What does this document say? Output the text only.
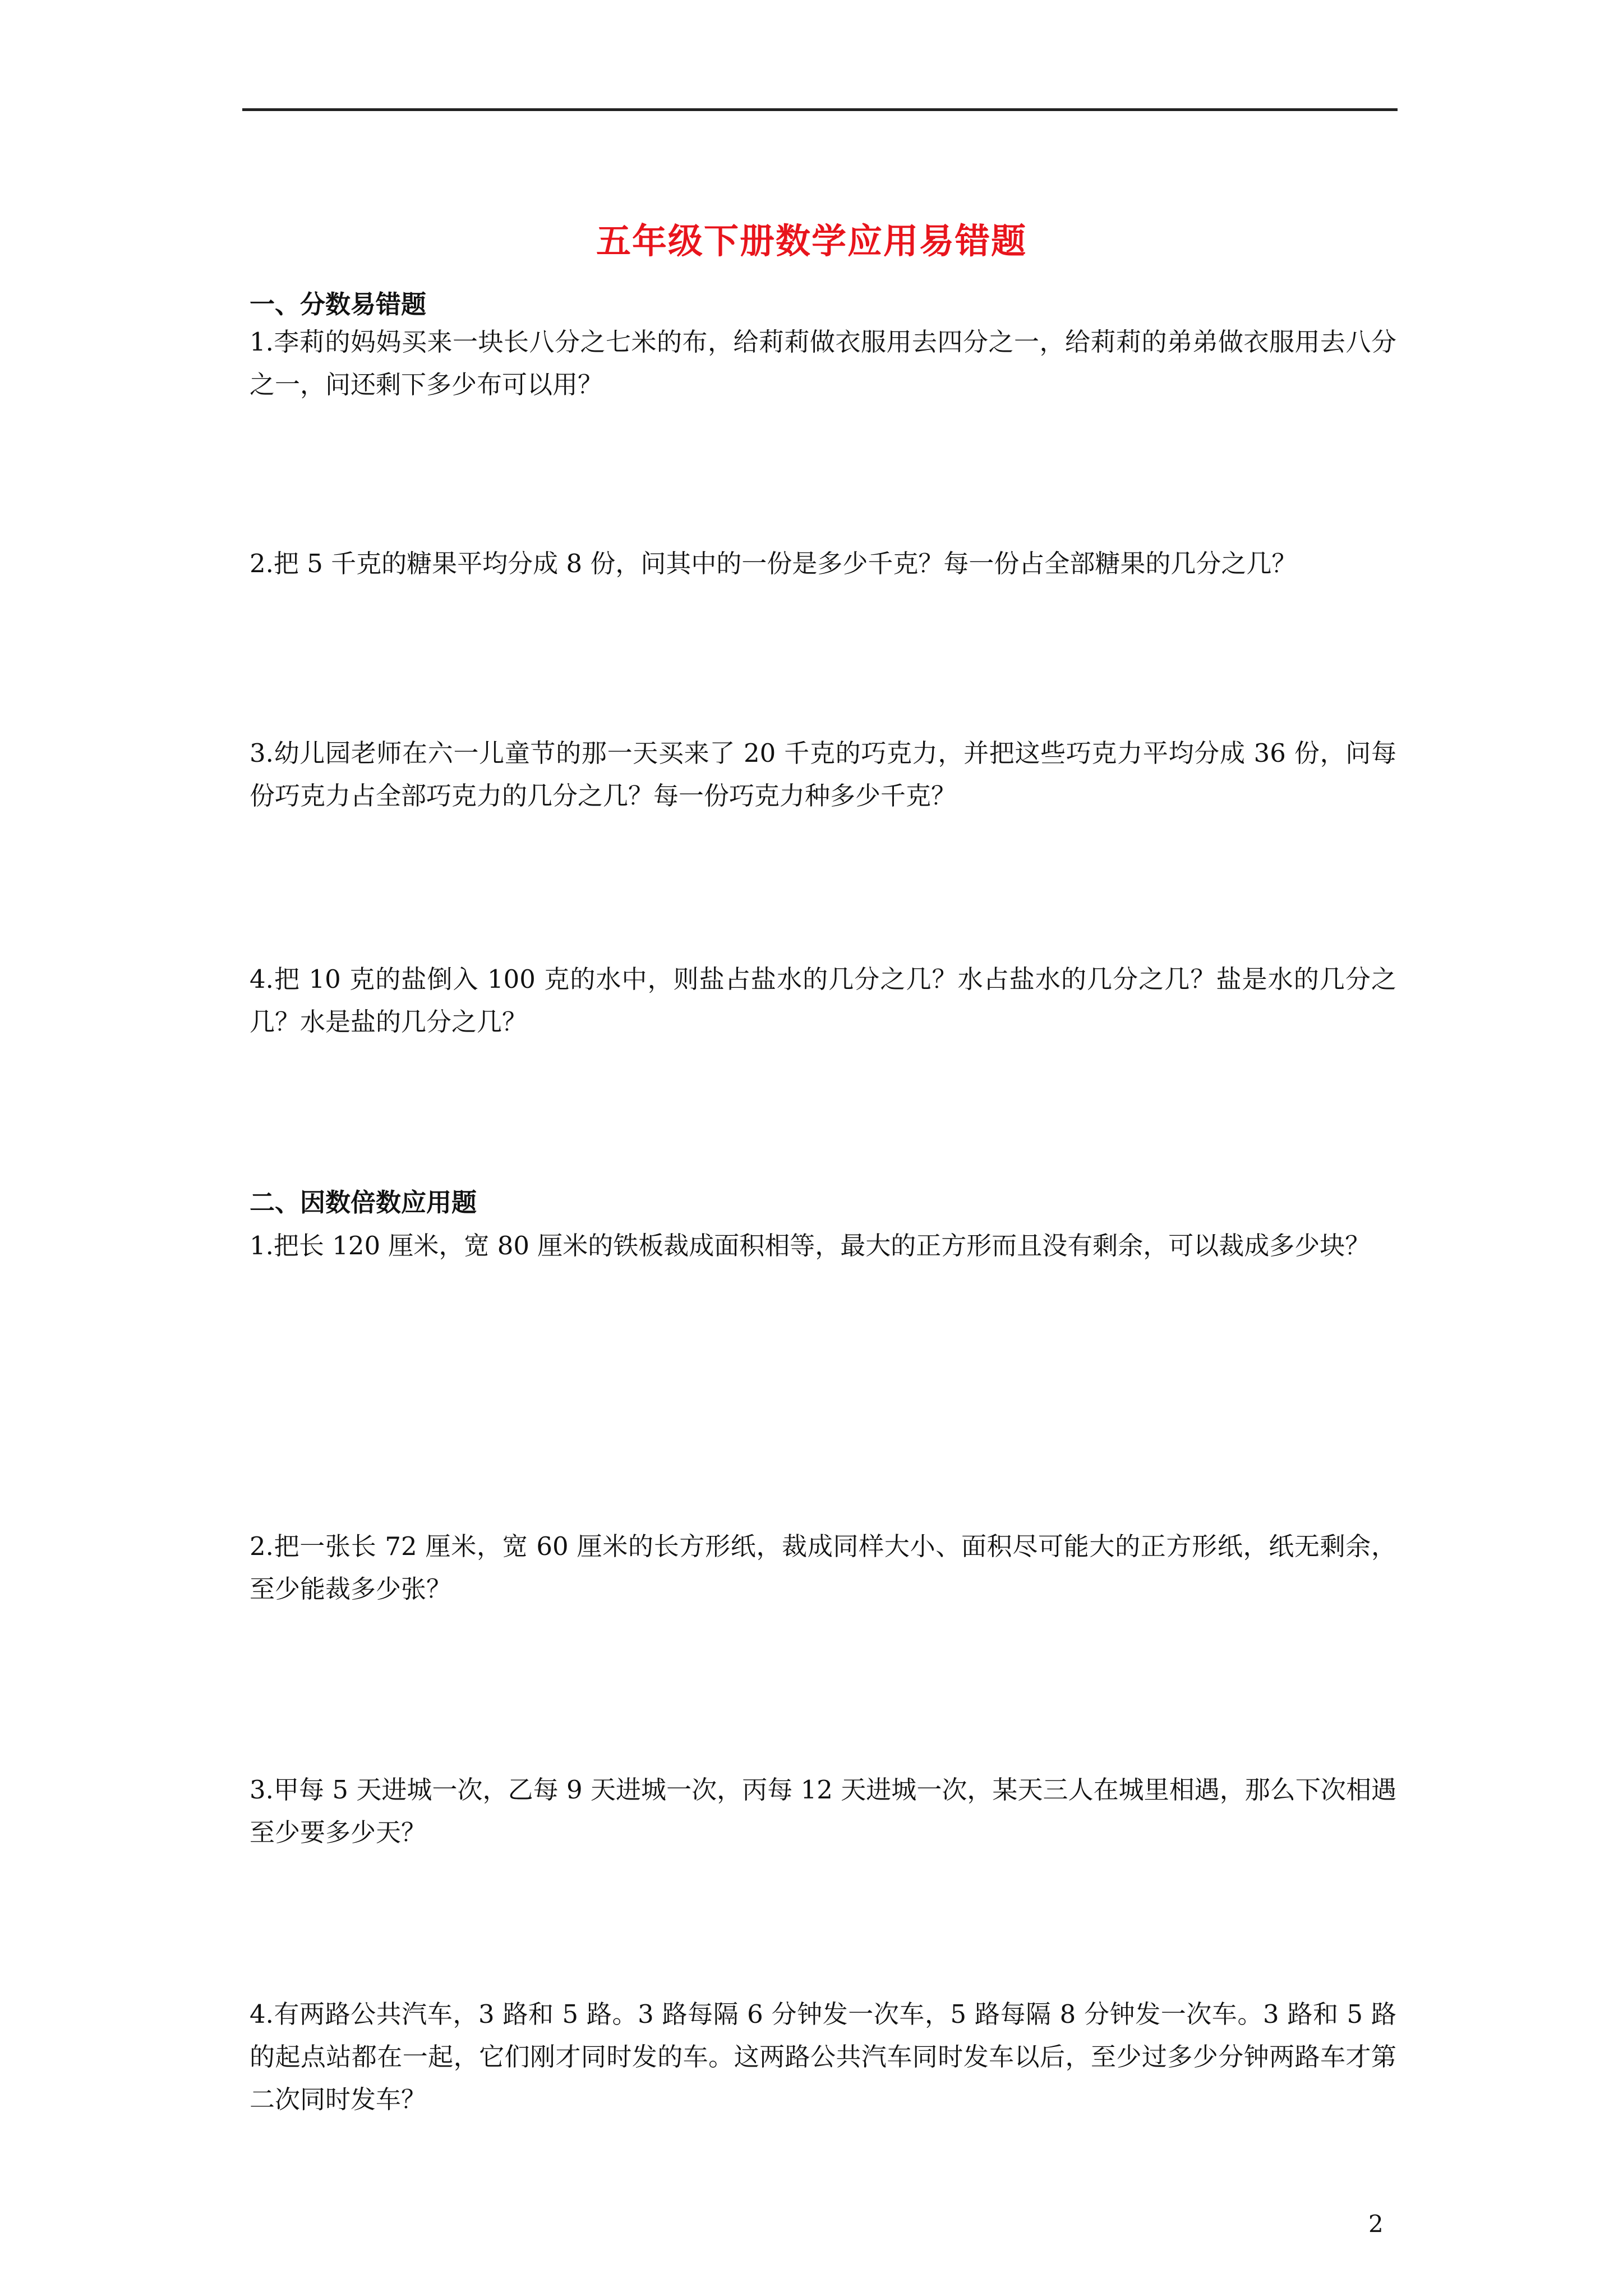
五年级下册数学应用易错题
一、分数易错题
1.李莉的妈妈买来一块长八分之七米的布，给莉莉做衣服用去四分之一，给莉莉的弟弟做衣服用去八分之一，问还剩下多少布可以用？
2.把 5 千克的糖果平均分成 8 份，问其中的一份是多少千克？每一份占全部糖果的几分之几？
3.幼儿园老师在六一儿童节的那一天买来了 20 千克的巧克力，并把这些巧克力平均分成 36 份，问每份巧克力占全部巧克力的几分之几？每一份巧克力种多少千克？
4.把 10 克的盐倒入 100 克的水中，则盐占盐水的几分之几？水占盐水的几分之几？盐是水的几分之几？水是盐的几分之几？
二、因数倍数应用题
1.把长 120 厘米，宽 80 厘米的铁板裁成面积相等，最大的正方形而且没有剩余，可以裁成多少块？
2.把一张长 72 厘米，宽 60 厘米的长方形纸，裁成同样大小、面积尽可能大的正方形纸，纸无剩余，至少能裁多少张？
3.甲每 5 天进城一次，乙每 9 天进城一次，丙每 12 天进城一次，某天三人在城里相遇，那么下次相遇至少要多少天？
4.有两路公共汽车，3 路和 5 路。3 路每隔 6 分钟发一次车，5 路每隔 8 分钟发一次车。3 路和 5 路的起点站都在一起，它们刚才同时发的车。这两路公共汽车同时发车以后，至少过多少分钟两路车才第二次同时发车？
2
